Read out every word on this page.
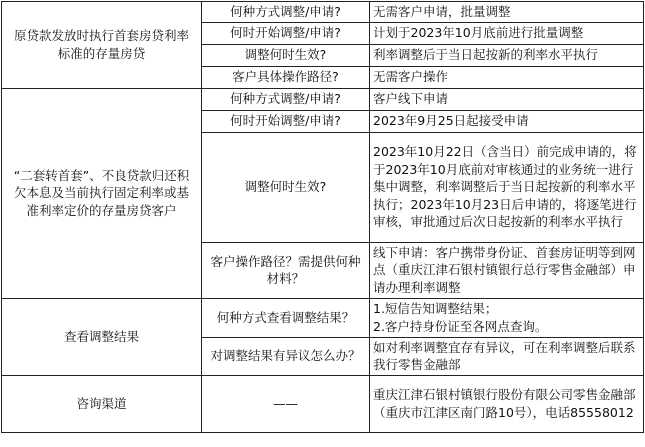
原贷款发放时执行首套房贷利率标准的存量房贷	何种方式调整/申请?	无需客户申请，批量调整
	何时开始调整/申请?	计划于2023年10月底前进行批量调整
	调整何时生效?	利率调整后于当日起按新的利率水平执行
	客户具体操作路径?	无需客户操作
“二套转首套”、不良贷款归还积欠本息及当前执行固定利率或基准利率定价的存量房贷客户	何种方式调整/申请?	客户线下申请
	何时开始调整/申请?	2023年9月25日起接受申请
	调整何时生效?	2023年10月22日（含当日）前完成申请的，将于2023年10月底前对审核通过的业务统一进行集中调整，利率调整后于当日起按新的利率水平执行；2023年10月23日后申请的，将逐笔进行审核，审批通过后次日起按新的利率水平执行
	客户操作路径？需提供何种材料？	线下申请：客户携带身份证、首套房证明等到网点（重庆江津石银村镇银行总行零售金融部）申请办理利率调整
查看调整结果	何种方式查看调整结果？	1.短信告知调整结果；
2.客户持身份证至各网点查询。

	对调整结果有异议怎么办？	如对利率调整宜存有异议，可在利率调整后联系我行零售金融部
咨询渠道	——	重庆江津石银村镇银行股份有限公司零售金融部（重庆市江津区南门路10号），电话85558012
